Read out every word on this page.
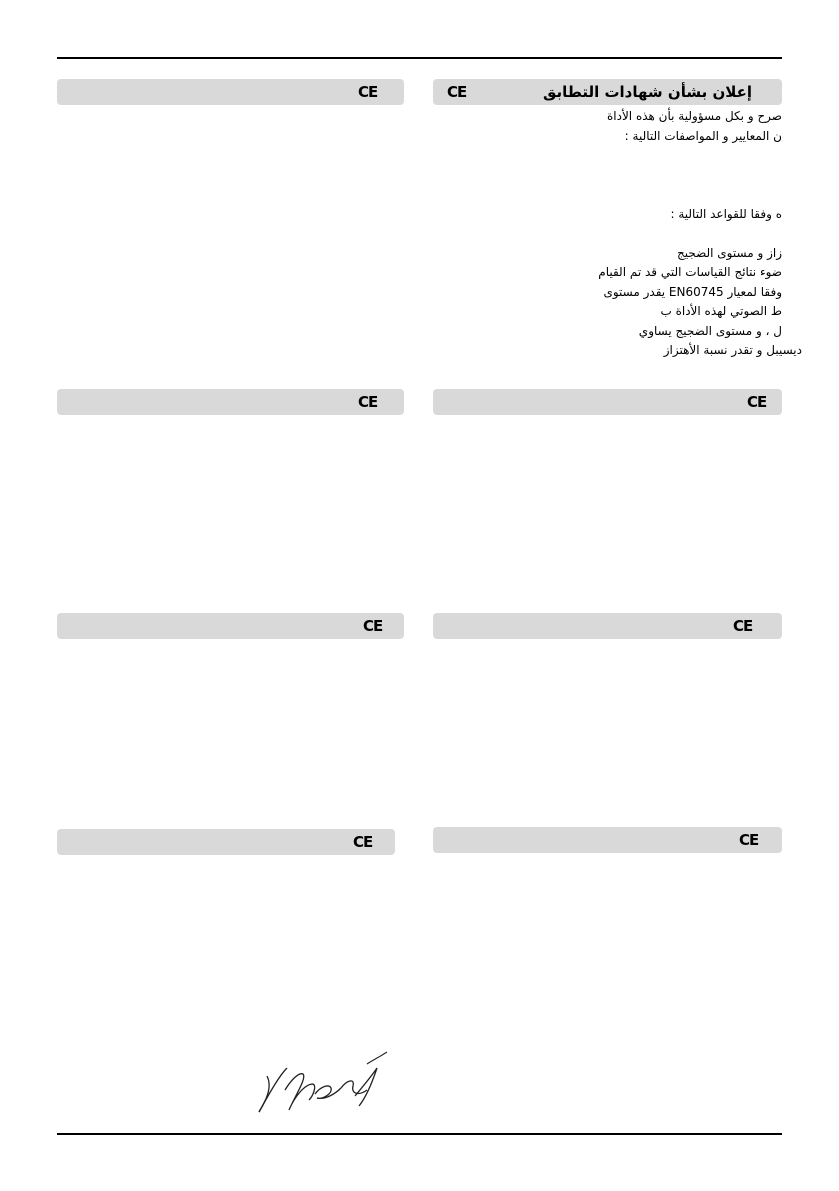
CE	CE	إعلان بشأن شهادات التطابق
صرح و بكل مسؤولية بأن هذه الأداة
ن المعايير و المواصفات التالية :
ه وفقا للقواعد التالية :
زاز و مستوى الضجيج
ضوء نتائج القياسات التي قد تم القيام
وفقا لمعيار EN60745 يقدر مستوى
ط الصوتي لهذه الأداة ب
ل ، و مستوى الضجيج يساوي
ديسيبل و تقدر نسبة الأهتزاز
CE	CE
CE	CE
CE	CE
